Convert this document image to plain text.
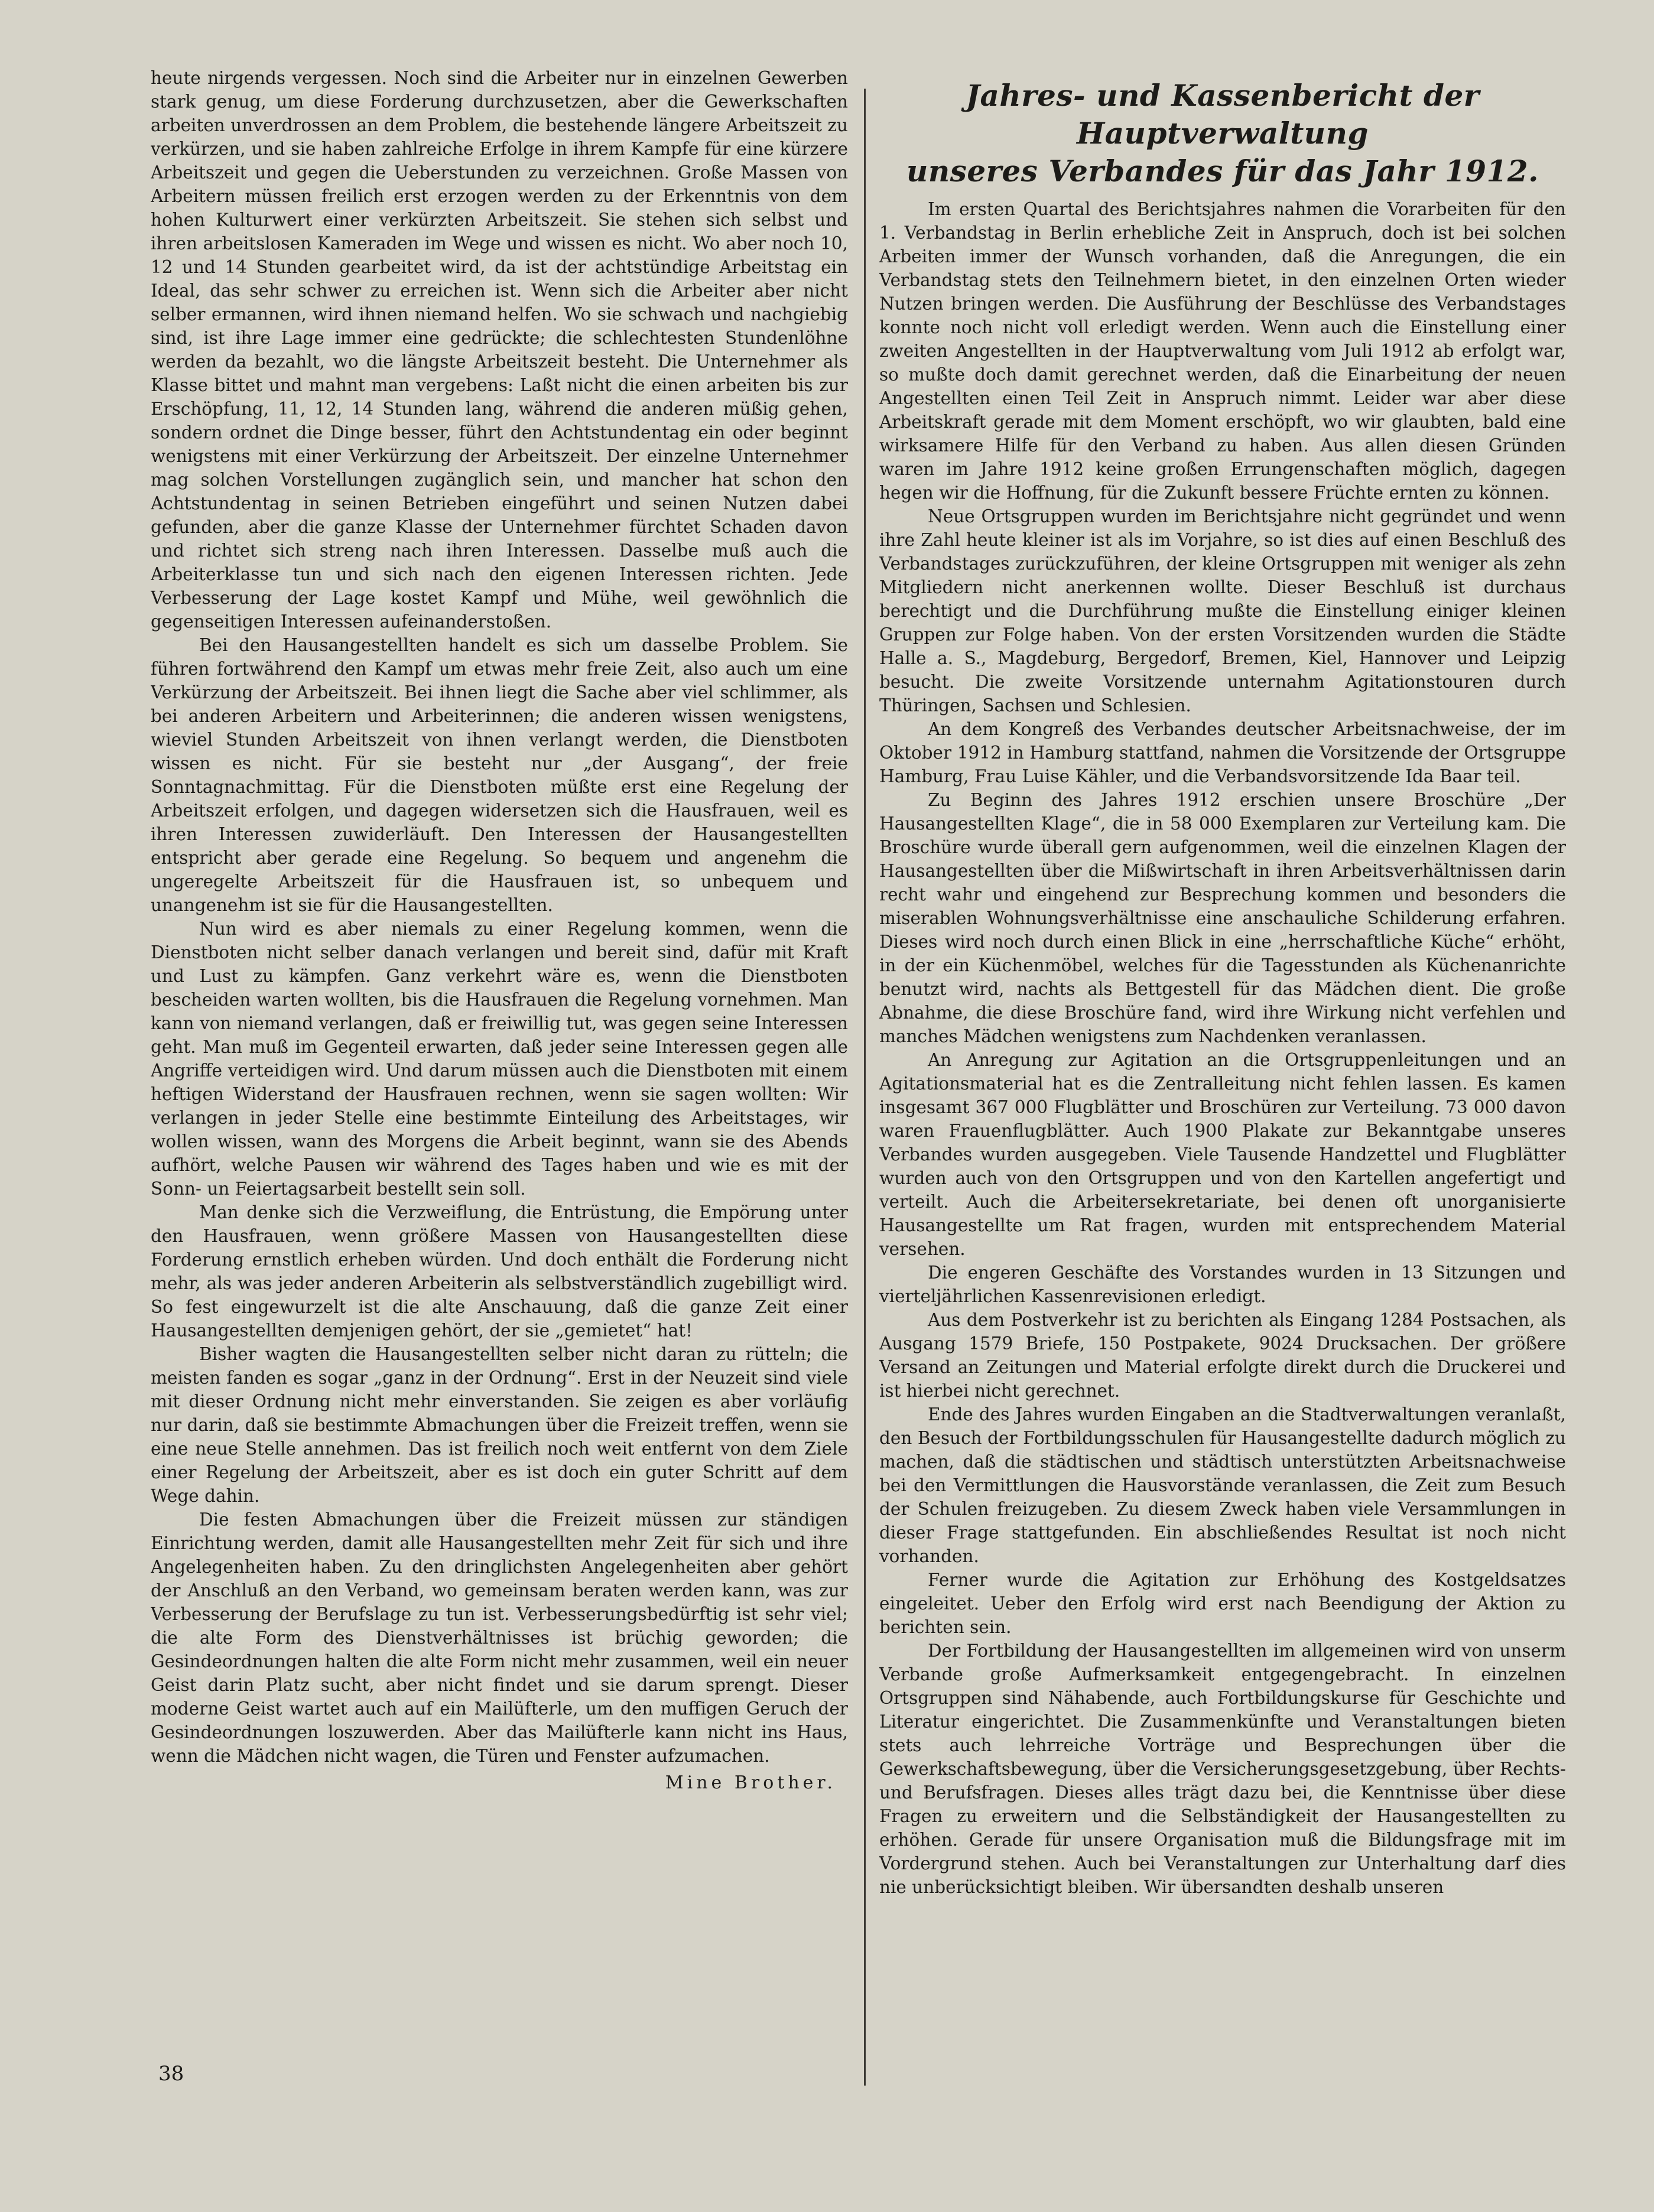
heute nirgends vergessen. Noch sind die Arbeiter nur in einzelnen Gewerben stark genug, um diese Forderung durchzusetzen, aber die Gewerkschaften arbeiten unverdrossen an dem Problem, die bestehende längere Arbeitszeit zu verkürzen, und sie haben zahlreiche Erfolge in ihrem Kampfe für eine kürzere Arbeitszeit und gegen die Ueberstunden zu verzeichnen. Große Massen von Arbeitern müssen freilich erst erzogen werden zu der Erkenntnis von dem hohen Kulturwert einer verkürzten Arbeitszeit. Sie stehen sich selbst und ihren arbeitslosen Kameraden im Wege und wissen es nicht. Wo aber noch 10, 12 und 14 Stunden gearbeitet wird, da ist der achtstündige Arbeitstag ein Ideal, das sehr schwer zu erreichen ist. Wenn sich die Arbeiter aber nicht selber ermannen, wird ihnen niemand helfen. Wo sie schwach und nachgiebig sind, ist ihre Lage immer eine gedrückte; die schlechtesten Stundenlöhne werden da bezahlt, wo die längste Arbeitszeit besteht. Die Unternehmer als Klasse bittet und mahnt man vergebens: Laßt nicht die einen arbeiten bis zur Erschöpfung, 11, 12, 14 Stunden lang, während die anderen müßig gehen, sondern ordnet die Dinge besser, führt den Achtstundentag ein oder beginnt wenigstens mit einer Verkürzung der Arbeitszeit. Der einzelne Unternehmer mag solchen Vorstellungen zugänglich sein, und mancher hat schon den Achtstundentag in seinen Betrieben eingeführt und seinen Nutzen dabei gefunden, aber die ganze Klasse der Unternehmer fürchtet Schaden davon und richtet sich streng nach ihren Interessen. Dasselbe muß auch die Arbeiterklasse tun und sich nach den eigenen Interessen richten. Jede Verbesserung der Lage kostet Kampf und Mühe, weil gewöhnlich die gegenseitigen Interessen aufeinanderstoßen.

Bei den Hausangestellten handelt es sich um dasselbe Problem. Sie führen fortwährend den Kampf um etwas mehr freie Zeit, also auch um eine Verkürzung der Arbeitszeit. Bei ihnen liegt die Sache aber viel schlimmer, als bei anderen Arbeitern und Arbeiterinnen; die anderen wissen wenigstens, wieviel Stunden Arbeitszeit von ihnen verlangt werden, die Dienstboten wissen es nicht. Für sie besteht nur „der Ausgang“, der freie Sonntagnachmittag. Für die Dienstboten müßte erst eine Regelung der Arbeitszeit erfolgen, und dagegen widersetzen sich die Hausfrauen, weil es ihren Interessen zuwiderläuft. Den Interessen der Hausangestellten entspricht aber gerade eine Regelung. So bequem und angenehm die ungeregelte Arbeitszeit für die Hausfrauen ist, so unbequem und unangenehm ist sie für die Hausangestellten.

Nun wird es aber niemals zu einer Regelung kommen, wenn die Dienstboten nicht selber danach verlangen und bereit sind, dafür mit Kraft und Lust zu kämpfen. Ganz verkehrt wäre es, wenn die Dienstboten bescheiden warten wollten, bis die Hausfrauen die Regelung vornehmen. Man kann von niemand verlangen, daß er freiwillig tut, was gegen seine Interessen geht. Man muß im Gegenteil erwarten, daß jeder seine Interessen gegen alle Angriffe verteidigen wird. Und darum müssen auch die Dienstboten mit einem heftigen Widerstand der Hausfrauen rechnen, wenn sie sagen wollten: Wir verlangen in jeder Stelle eine bestimmte Einteilung des Arbeitstages, wir wollen wissen, wann des Morgens die Arbeit beginnt, wann sie des Abends aufhört, welche Pausen wir während des Tages haben und wie es mit der Sonn- un Feiertagsarbeit bestellt sein soll.

Man denke sich die Verzweiflung, die Entrüstung, die Empörung unter den Hausfrauen, wenn größere Massen von Hausangestellten diese Forderung ernstlich erheben würden. Und doch enthält die Forderung nicht mehr, als was jeder anderen Arbeiterin als selbstverständlich zugebilligt wird. So fest eingewurzelt ist die alte Anschauung, daß die ganze Zeit einer Hausangestellten demjenigen gehört, der sie „gemietet“ hat!

Bisher wagten die Hausangestellten selber nicht daran zu rütteln; die meisten fanden es sogar „ganz in der Ordnung“. Erst in der Neuzeit sind viele mit dieser Ordnung nicht mehr einverstanden. Sie zeigen es aber vorläufig nur darin, daß sie bestimmte Abmachungen über die Freizeit treffen, wenn sie eine neue Stelle annehmen. Das ist freilich noch weit entfernt von dem Ziele einer Regelung der Arbeitszeit, aber es ist doch ein guter Schritt auf dem Wege dahin.

Die festen Abmachungen über die Freizeit müssen zur ständigen Einrichtung werden, damit alle Hausangestellten mehr Zeit für sich und ihre Angelegenheiten haben. Zu den dringlichsten Angelegenheiten aber gehört der Anschluß an den Verband, wo gemeinsam beraten werden kann, was zur Verbesserung der Berufslage zu tun ist. Verbesserungsbedürftig ist sehr viel; die alte Form des Dienstverhältnisses ist brüchig geworden; die Gesindeordnungen halten die alte Form nicht mehr zusammen, weil ein neuer Geist darin Platz sucht, aber nicht findet und sie darum sprengt. Dieser moderne Geist wartet auch auf ein Mailüfterle, um den muffigen Geruch der Gesindeordnungen loszuwerden. Aber das Mailüfterle kann nicht ins Haus, wenn die Mädchen nicht wagen, die Türen und Fenster aufzumachen.

Mine Brother.

Jahres- und Kassenbericht der Hauptverwaltung
unseres Verbandes für das Jahr 1912.

Im ersten Quartal des Berichtsjahres nahmen die Vorarbeiten für den 1. Verbandstag in Berlin erhebliche Zeit in Anspruch, doch ist bei solchen Arbeiten immer der Wunsch vorhanden, daß die Anregungen, die ein Verbandstag stets den Teilnehmern bietet, in den einzelnen Orten wieder Nutzen bringen werden. Die Ausführung der Beschlüsse des Verbandstages konnte noch nicht voll erledigt werden. Wenn auch die Einstellung einer zweiten Angestellten in der Hauptverwaltung vom Juli 1912 ab erfolgt war, so mußte doch damit gerechnet werden, daß die Einarbeitung der neuen Angestellten einen Teil Zeit in Anspruch nimmt. Leider war aber diese Arbeitskraft gerade mit dem Moment erschöpft, wo wir glaubten, bald eine wirksamere Hilfe für den Verband zu haben. Aus allen diesen Gründen waren im Jahre 1912 keine großen Errungenschaften möglich, dagegen hegen wir die Hoffnung, für die Zukunft bessere Früchte ernten zu können.

Neue Ortsgruppen wurden im Berichtsjahre nicht gegründet und wenn ihre Zahl heute kleiner ist als im Vorjahre, so ist dies auf einen Beschluß des Verbandstages zurückzuführen, der kleine Ortsgruppen mit weniger als zehn Mitgliedern nicht anerkennen wollte. Dieser Beschluß ist durchaus berechtigt und die Durchführung mußte die Einstellung einiger kleinen Gruppen zur Folge haben. Von der ersten Vorsitzenden wurden die Städte Halle a. S., Magdeburg, Bergedorf, Bremen, Kiel, Hannover und Leipzig besucht. Die zweite Vorsitzende unternahm Agitationstouren durch Thüringen, Sachsen und Schlesien.

An dem Kongreß des Verbandes deutscher Arbeitsnachweise, der im Oktober 1912 in Hamburg stattfand, nahmen die Vorsitzende der Ortsgruppe Hamburg, Frau Luise Kähler, und die Verbandsvorsitzende Ida Baar teil.

Zu Beginn des Jahres 1912 erschien unsere Broschüre „Der Hausangestellten Klage“, die in 58 000 Exemplaren zur Verteilung kam. Die Broschüre wurde überall gern aufgenommen, weil die einzelnen Klagen der Hausangestellten über die Mißwirtschaft in ihren Arbeitsverhältnissen darin recht wahr und eingehend zur Besprechung kommen und besonders die miserablen Wohnungsverhältnisse eine anschauliche Schilderung erfahren. Dieses wird noch durch einen Blick in eine „herrschaftliche Küche“ erhöht, in der ein Küchenmöbel, welches für die Tagesstunden als Küchenanrichte benutzt wird, nachts als Bettgestell für das Mädchen dient. Die große Abnahme, die diese Broschüre fand, wird ihre Wirkung nicht verfehlen und manches Mädchen wenigstens zum Nachdenken veranlassen.

An Anregung zur Agitation an die Ortsgruppenleitungen und an Agitationsmaterial hat es die Zentralleitung nicht fehlen lassen. Es kamen insgesamt 367 000 Flugblätter und Broschüren zur Verteilung. 73 000 davon waren Frauenflugblätter. Auch 1900 Plakate zur Bekanntgabe unseres Verbandes wurden ausgegeben. Viele Tausende Handzettel und Flugblätter wurden auch von den Ortsgruppen und von den Kartellen angefertigt und verteilt. Auch die Arbeitersekretariate, bei denen oft unorganisierte Hausangestellte um Rat fragen, wurden mit entsprechendem Material versehen.

Die engeren Geschäfte des Vorstandes wurden in 13 Sitzungen und vierteljährlichen Kassenrevisionen erledigt.

Aus dem Postverkehr ist zu berichten als Eingang 1284 Postsachen, als Ausgang 1579 Briefe, 150 Postpakete, 9024 Drucksachen. Der größere Versand an Zeitungen und Material erfolgte direkt durch die Druckerei und ist hierbei nicht gerechnet.

Ende des Jahres wurden Eingaben an die Stadtverwaltungen veranlaßt, den Besuch der Fortbildungsschulen für Hausangestellte dadurch möglich zu machen, daß die städtischen und städtisch unterstützten Arbeitsnachweise bei den Vermittlungen die Hausvorstände veranlassen, die Zeit zum Besuch der Schulen freizugeben. Zu diesem Zweck haben viele Versammlungen in dieser Frage stattgefunden. Ein abschließendes Resultat ist noch nicht vorhanden.

Ferner wurde die Agitation zur Erhöhung des Kostgeldsatzes eingeleitet. Ueber den Erfolg wird erst nach Beendigung der Aktion zu berichten sein.

Der Fortbildung der Hausangestellten im allgemeinen wird von unserm Verbande große Aufmerksamkeit entgegengebracht. In einzelnen Ortsgruppen sind Nähabende, auch Fortbildungskurse für Geschichte und Literatur eingerichtet. Die Zusammenkünfte und Veranstaltungen bieten stets auch lehrreiche Vorträge und Besprechungen über die Gewerkschaftsbewegung, über die Versicherungsgesetzgebung, über Rechts- und Berufsfragen. Dieses alles trägt dazu bei, die Kenntnisse über diese Fragen zu erweitern und die Selbständigkeit der Hausangestellten zu erhöhen. Gerade für unsere Organisation muß die Bildungsfrage mit im Vordergrund stehen. Auch bei Veranstaltungen zur Unterhaltung darf dies nie unberücksichtigt bleiben. Wir übersandten deshalb unseren

38
